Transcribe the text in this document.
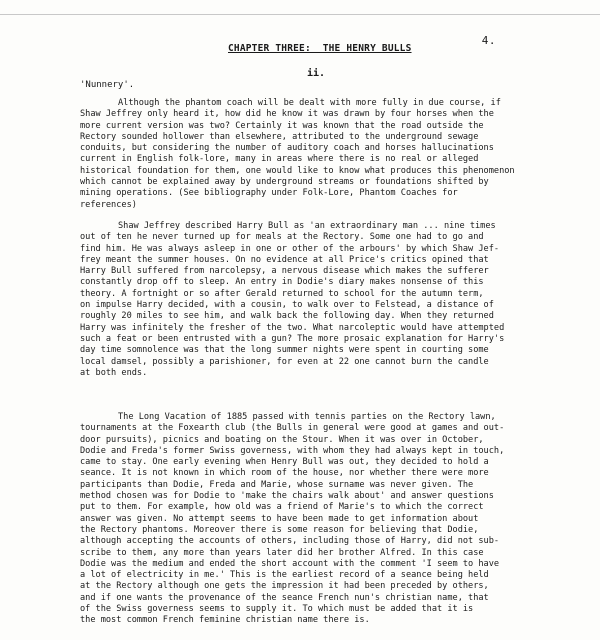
4.
CHAPTER THREE:  THE HENRY BULLS
ii.
'Nunnery'.
Although the phantom coach will be dealt with more fully in due course, if
Shaw Jeffrey only heard it, how did he know it was drawn by four horses when the
more current version was two? Certainly it was known that the road outside the
Rectory sounded hollower than elsewhere, attributed to the underground sewage
conduits, but considering the number of auditory coach and horses hallucinations
current in English folk-lore, many in areas where there is no real or alleged
historical foundation for them, one would like to know what produces this phenomenon
which cannot be explained away by underground streams or foundations shifted by
mining operations. (See bibliography under Folk-Lore, Phantom Coaches for
references)
Shaw Jeffrey described Harry Bull as 'an extraordinary man ... nine times
out of ten he never turned up for meals at the Rectory. Some one had to go and
find him. He was always asleep in one or other of the arbours' by which Shaw Jef-
frey meant the summer houses. On no evidence at all Price's critics opined that
Harry Bull suffered from narcolepsy, a nervous disease which makes the sufferer
constantly drop off to sleep. An entry in Dodie's diary makes nonsense of this
theory. A fortnight or so after Gerald returned to school for the autumn term,
on impulse Harry decided, with a cousin, to walk over to Felstead, a distance of
roughly 20 miles to see him, and walk back the following day. When they returned
Harry was infinitely the fresher of the two. What narcoleptic would have attempted
such a feat or been entrusted with a gun? The more prosaic explanation for Harry's
day time somnolence was that the long summer nights were spent in courting some
local damsel, possibly a parishioner, for even at 22 one cannot burn the candle
at both ends.
The Long Vacation of 1885 passed with tennis parties on the Rectory lawn,
tournaments at the Foxearth club (the Bulls in general were good at games and out-
door pursuits), picnics and boating on the Stour. When it was over in October,
Dodie and Freda's former Swiss governess, with whom they had always kept in touch,
came to stay. One early evening when Henry Bull was out, they decided to hold a
seance. It is not known in which room of the house, nor whether there were more
participants than Dodie, Freda and Marie, whose surname was never given. The
method chosen was for Dodie to 'make the chairs walk about' and answer questions
put to them. For example, how old was a friend of Marie's to which the correct
answer was given. No attempt seems to have been made to get information about
the Rectory phantoms. Moreover there is some reason for believing that Dodie,
although accepting the accounts of others, including those of Harry, did not sub-
scribe to them, any more than years later did her brother Alfred. In this case
Dodie was the medium and ended the short account with the comment 'I seem to have
a lot of electricity in me.' This is the earliest record of a seance being held
at the Rectory although one gets the impression it had been preceded by others,
and if one wants the provenance of the seance French nun's christian name, that
of the Swiss governess seems to supply it. To which must be added that it is
the most common French feminine christian name there is.
